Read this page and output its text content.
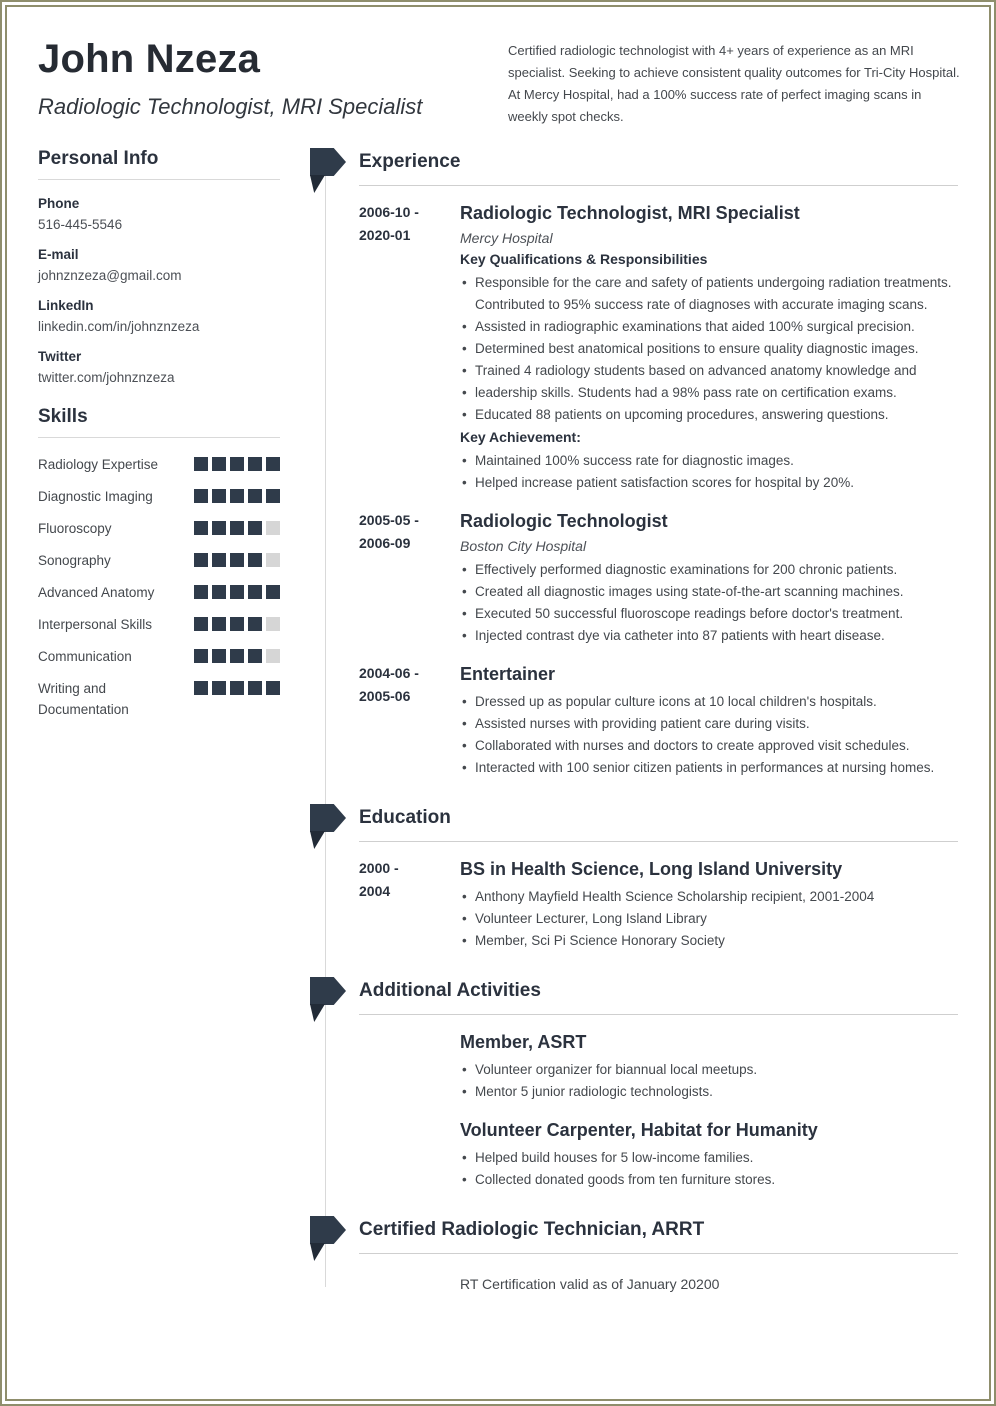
John Nzeza
Radiologic Technologist, MRI Specialist
Certified radiologic technologist with 4+ years of experience as an MRI specialist. Seeking to achieve consistent quality outcomes for Tri-City Hospital. At Mercy Hospital, had a 100% success rate of perfect imaging scans in weekly spot checks.
Personal Info
Phone
516-445-5546
E-mail
johnznzeza@gmail.com
LinkedIn
linkedin.com/in/johnznzeza
Twitter
twitter.com/johnznzeza
Skills
Radiology Expertise
Diagnostic Imaging
Fluoroscopy
Sonography
Advanced Anatomy
Interpersonal Skills
Communication
Writing and Documentation
Experience
2006-10 -
2020-01
Radiologic Technologist, MRI Specialist
Mercy Hospital
Key Qualifications & Responsibilities
• Responsible for the care and safety of patients undergoing radiation treatments. Contributed to 95% success rate of diagnoses with accurate imaging scans.
• Assisted in radiographic examinations that aided 100% surgical precision.
• Determined best anatomical positions to ensure quality diagnostic images.
• Trained 4 radiology students based on advanced anatomy knowledge and
• leadership skills. Students had a 98% pass rate on certification exams.
• Educated 88 patients on upcoming procedures, answering questions.
Key Achievement:
• Maintained 100% success rate for diagnostic images.
• Helped increase patient satisfaction scores for hospital by 20%.
2005-05 -
2006-09
Radiologic Technologist
Boston City Hospital
• Effectively performed diagnostic examinations for 200 chronic patients.
• Created all diagnostic images using state-of-the-art scanning machines.
• Executed 50 successful fluoroscope readings before doctor's treatment.
• Injected contrast dye via catheter into 87 patients with heart disease.
2004-06 -
2005-06
Entertainer
• Dressed up as popular culture icons at 10 local children's hospitals.
• Assisted nurses with providing patient care during visits.
• Collaborated with nurses and doctors to create approved visit schedules.
• Interacted with 100 senior citizen patients in performances at nursing homes.
Education
2000 -
2004
BS in Health Science, Long Island University
• Anthony Mayfield Health Science Scholarship recipient, 2001-2004
• Volunteer Lecturer, Long Island Library
• Member, Sci Pi Science Honorary Society
Additional Activities
Member, ASRT
• Volunteer organizer for biannual local meetups.
• Mentor 5 junior radiologic technologists.
Volunteer Carpenter, Habitat for Humanity
• Helped build houses for 5 low-income families.
• Collected donated goods from ten furniture stores.
Certified Radiologic Technician, ARRT
RT Certification valid as of January 20200
